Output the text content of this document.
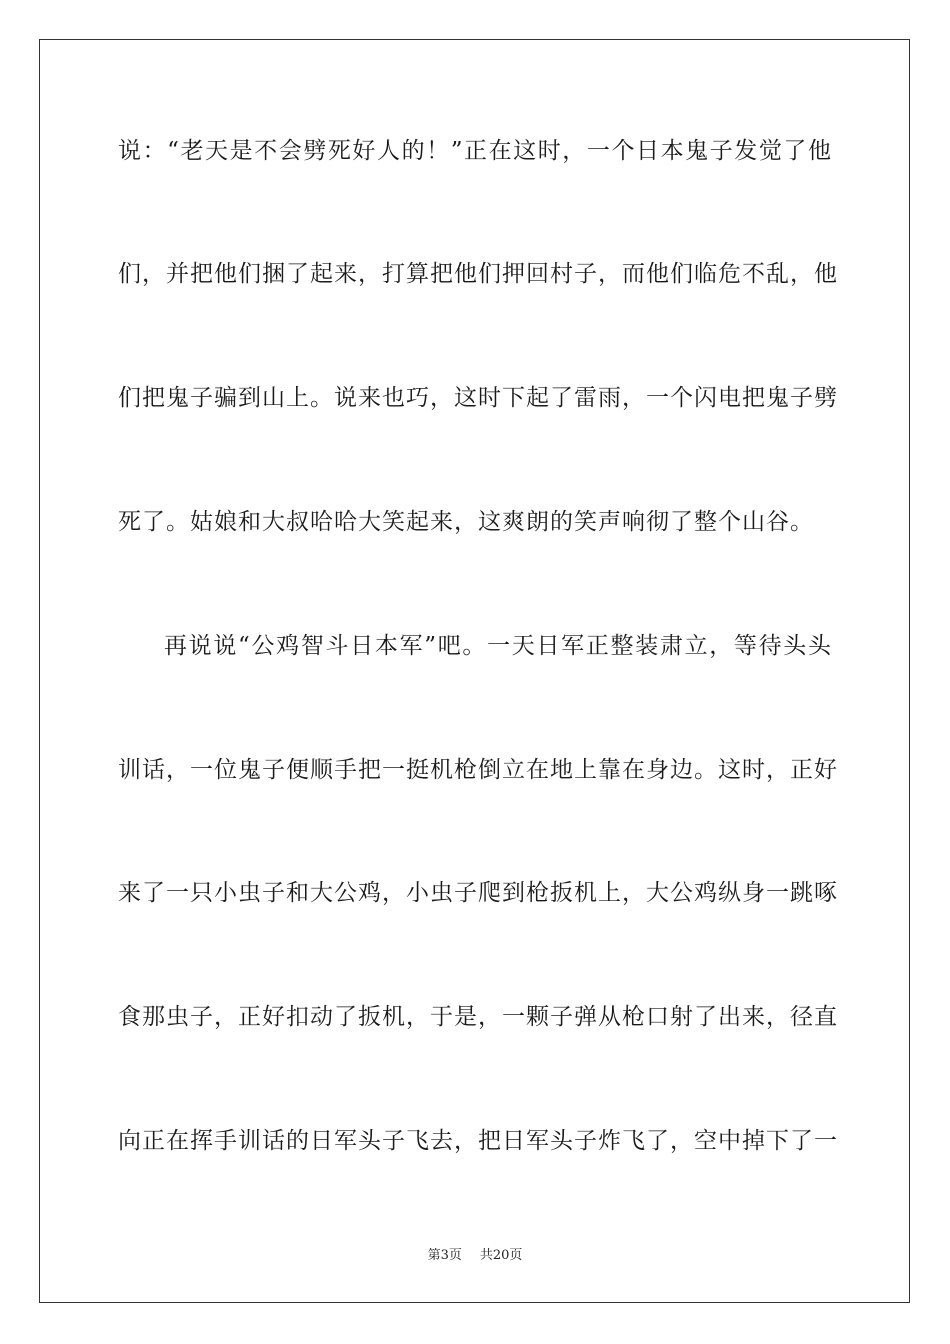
说：“老天是不会劈死好人的！”正在这时，一个日本鬼子发觉了他
们，并把他们捆了起来，打算把他们押回村子，而他们临危不乱，他
们把鬼子骗到山上。说来也巧，这时下起了雷雨，一个闪电把鬼子劈
死了。姑娘和大叔哈哈大笑起来，这爽朗的笑声响彻了整个山谷。
再说说“公鸡智斗日本军”吧。一天日军正整装肃立，等待头头
训话，一位鬼子便顺手把一挺机枪倒立在地上靠在身边。这时，正好
来了一只小虫子和大公鸡，小虫子爬到枪扳机上，大公鸡纵身一跳啄
食那虫子，正好扣动了扳机，于是，一颗子弹从枪口射了出来，径直
向正在挥手训话的日军头子飞去，把日军头子炸飞了，空中掉下了一
第3页 共20页
